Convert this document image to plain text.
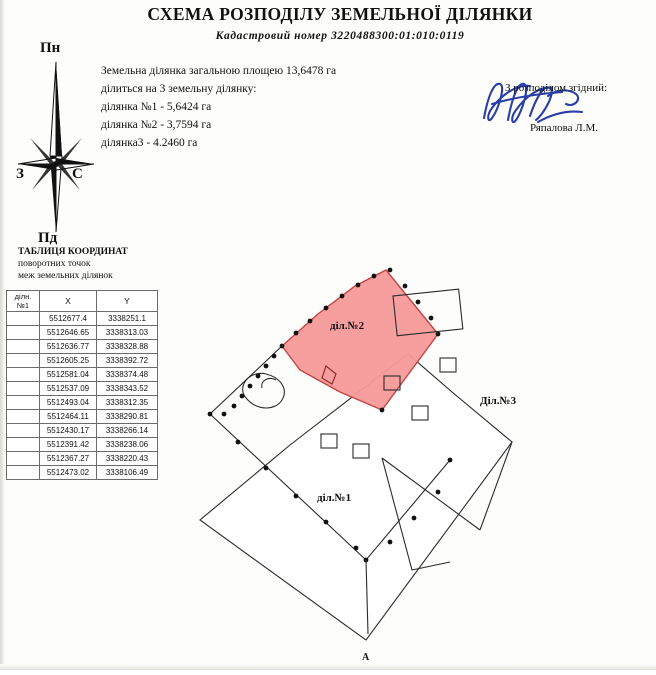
СХЕМА РОЗПОДІЛУ ЗЕМЕЛЬНОЇ ДІЛЯНКИ
Кадастровий номер 3220488300:01:010:0119
Земельна ділянка загальною площею 13,6478 га
ділиться на 3 земельну ділянку:
ділянка №1 - 5,6424 га
ділянка №2 - 3,7594 га
ділянка3 - 4.2460 га
З розподілом згідний:
Ряпалова Л.М.
Пн
З	С
Пд
ТАБЛИЦЯ КООРДИНАТ
поворотних точок
меж земельних ділянок
ділн.№1	X	Y
	5512677.4	3338251.1
	5512646.65	3338313.03
	5512636.77	3338328.88
	5512605.25	3338392.72
	5512581.04	3338374.48
	5512537.09	3338343.52
	5512493.04	3338312.35
	5512464.11	3338290.81
	5512430.17	3338266.14
	5512391.42	3338238.06
	5512367.27	3338220.43
	5512473.02	3338106.49
діл.№2
Діл.№3
діл.№1
A
